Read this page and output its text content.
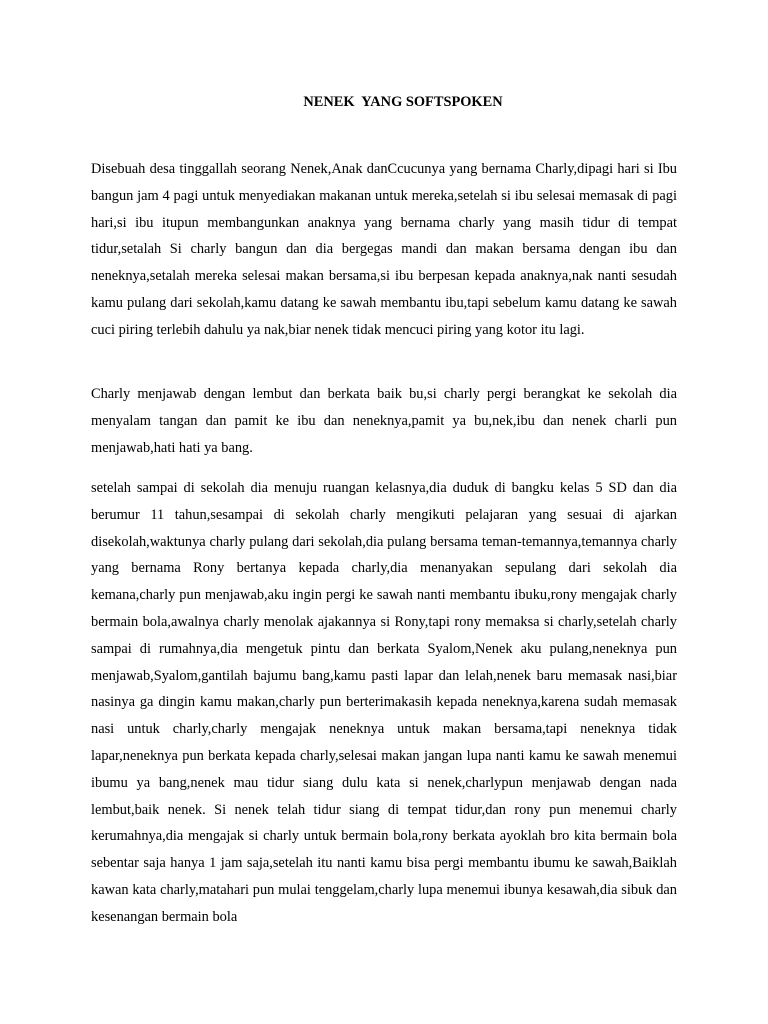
NENEK  YANG SOFTSPOKEN

Disebuah desa tinggallah seorang Nenek,Anak danCcucunya yang bernama Charly,dipagi hari si Ibu bangun jam 4 pagi untuk menyediakan makanan untuk mereka,setelah si ibu selesai memasak di pagi hari,si ibu itupun membangunkan anaknya yang bernama charly yang masih tidur di tempat tidur,setalah Si charly bangun dan dia bergegas mandi dan makan bersama dengan ibu dan neneknya,setalah mereka selesai makan bersama,si ibu berpesan kepada anaknya,nak nanti sesudah kamu pulang dari sekolah,kamu datang ke sawah membantu ibu,tapi sebelum kamu datang ke sawah cuci piring terlebih dahulu ya nak,biar nenek tidak mencuci piring yang kotor itu lagi.

Charly menjawab dengan lembut dan berkata baik bu,si charly pergi berangkat ke sekolah dia menyalam tangan dan pamit ke ibu dan neneknya,pamit ya bu,nek,ibu dan nenek charli pun menjawab,hati hati ya bang.

setelah sampai di sekolah dia menuju ruangan kelasnya,dia duduk di bangku kelas 5 SD dan dia berumur 11 tahun,sesampai di sekolah charly mengikuti pelajaran yang sesuai di ajarkan disekolah,waktunya charly pulang dari sekolah,dia pulang bersama teman-temannya,temannya charly yang bernama Rony bertanya kepada charly,dia menanyakan sepulang dari sekolah dia kemana,charly pun menjawab,aku ingin pergi ke sawah nanti membantu ibuku,rony mengajak charly bermain bola,awalnya charly menolak ajakannya si Rony,tapi rony memaksa si charly,setelah charly sampai di rumahnya,dia mengetuk pintu dan berkata Syalom,Nenek aku pulang,neneknya pun menjawab,Syalom,gantilah bajumu bang,kamu pasti lapar dan lelah,nenek baru memasak nasi,biar nasinya ga dingin kamu makan,charly pun berterimakasih kepada neneknya,karena sudah memasak nasi untuk charly,charly mengajak neneknya untuk makan bersama,tapi neneknya tidak lapar,neneknya pun berkata kepada charly,selesai makan jangan lupa nanti kamu ke sawah menemui ibumu ya bang,nenek mau tidur siang dulu kata si nenek,charlypun menjawab dengan nada lembut,baik nenek. Si nenek telah tidur siang di tempat tidur,dan rony pun menemui charly kerumahnya,dia mengajak si charly untuk bermain bola,rony berkata ayoklah bro kita bermain bola sebentar saja hanya 1 jam saja,setelah itu nanti kamu bisa pergi membantu ibumu ke sawah,Baiklah kawan kata charly,matahari pun mulai tenggelam,charly lupa menemui ibunya kesawah,dia sibuk dan kesenangan bermain bola
